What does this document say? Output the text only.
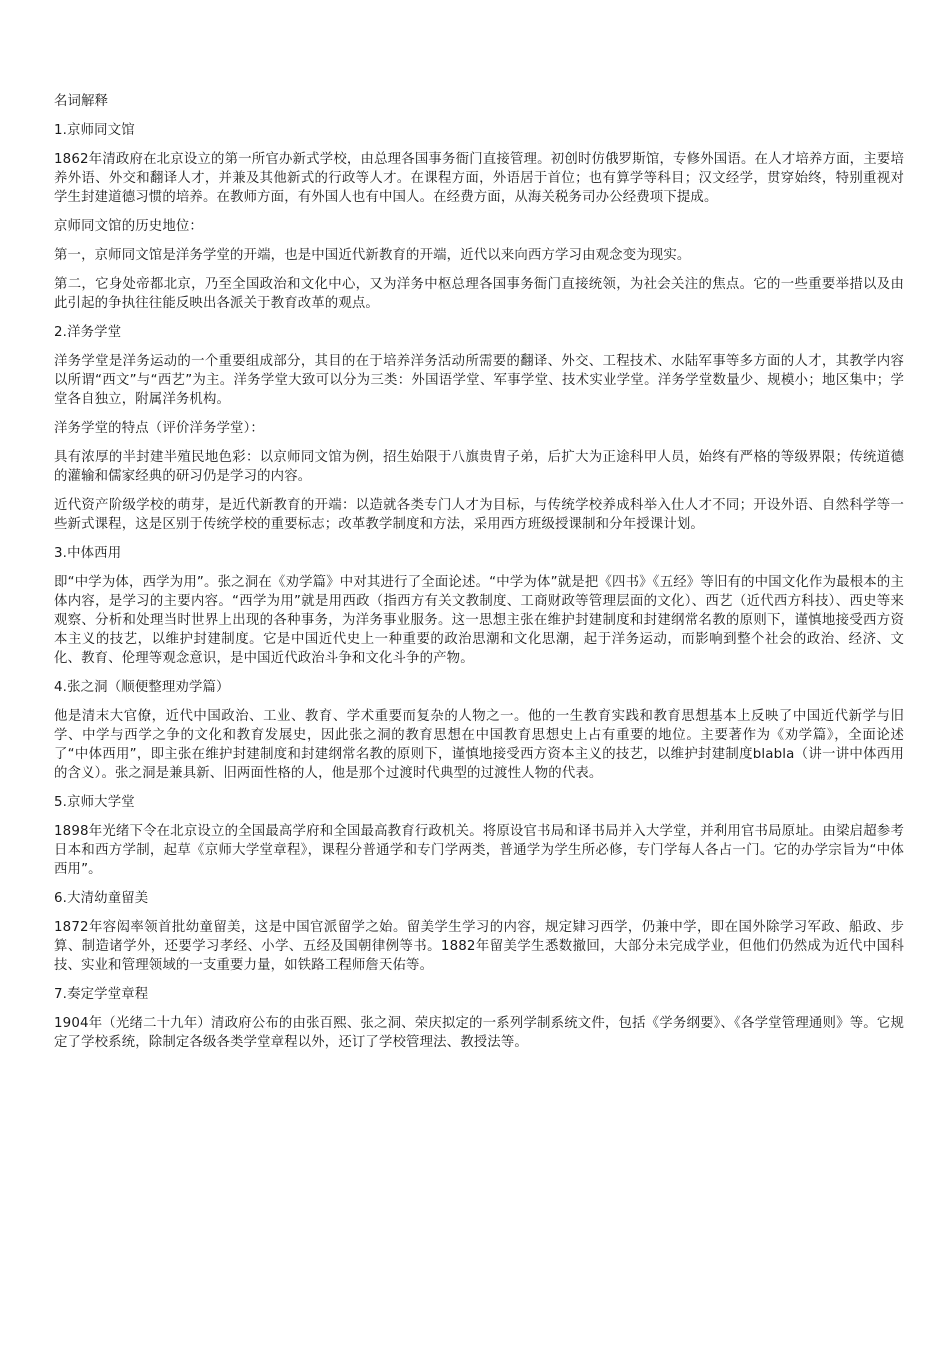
名词解释

1.京师同文馆

1862年清政府在北京设立的第一所官办新式学校，由总理各国事务衙门直接管理。初创时仿俄罗斯馆，专修外国语。在人才培养方面，主要培养外语、外交和翻译人才，并兼及其他新式的行政等人才。在课程方面，外语居于首位；也有算学等科目；汉文经学，贯穿始终，特别重视对学生封建道德习惯的培养。在教师方面，有外国人也有中国人。在经费方面，从海关税务司办公经费项下提成。

京师同文馆的历史地位：

第一，京师同文馆是洋务学堂的开端，也是中国近代新教育的开端，近代以来向西方学习由观念变为现实。

第二，它身处帝都北京，乃至全国政治和文化中心，又为洋务中枢总理各国事务衙门直接统领，为社会关注的焦点。它的一些重要举措以及由此引起的争执往往能反映出各派关于教育改革的观点。

2.洋务学堂

洋务学堂是洋务运动的一个重要组成部分，其目的在于培养洋务活动所需要的翻译、外交、工程技术、水陆军事等多方面的人才，其教学内容以所谓“西文”与“西艺”为主。洋务学堂大致可以分为三类：外国语学堂、军事学堂、技术实业学堂。洋务学堂数量少、规模小；地区集中；学堂各自独立，附属洋务机构。

洋务学堂的特点（评价洋务学堂）：

具有浓厚的半封建半殖民地色彩：以京师同文馆为例，招生始限于八旗贵胄子弟，后扩大为正途科甲人员，始终有严格的等级界限；传统道德的灌输和儒家经典的研习仍是学习的内容。

近代资产阶级学校的萌芽，是近代新教育的开端：以造就各类专门人才为目标，与传统学校养成科举入仕人才不同；开设外语、自然科学等一些新式课程，这是区别于传统学校的重要标志；改革教学制度和方法，采用西方班级授课制和分年授课计划。

3.中体西用

即“中学为体，西学为用”。张之洞在《劝学篇》中对其进行了全面论述。“中学为体”就是把《四书》《五经》等旧有的中国文化作为最根本的主体内容，是学习的主要内容。“西学为用”就是用西政（指西方有关文教制度、工商财政等管理层面的文化）、西艺（近代西方科技）、西史等来观察、分析和处理当时世界上出现的各种事务，为洋务事业服务。这一思想主张在维护封建制度和封建纲常名教的原则下，谨慎地接受西方资本主义的技艺，以维护封建制度。它是中国近代史上一种重要的政治思潮和文化思潮，起于洋务运动，而影响到整个社会的政治、经济、文化、教育、伦理等观念意识，是中国近代政治斗争和文化斗争的产物。

4.张之洞（顺便整理劝学篇）

他是清末大官僚，近代中国政治、工业、教育、学术重要而复杂的人物之一。他的一生教育实践和教育思想基本上反映了中国近代新学与旧学、中学与西学之争的文化和教育发展史，因此张之洞的教育思想在中国教育思想史上占有重要的地位。主要著作为《劝学篇》，全面论述了“中体西用”，即主张在维护封建制度和封建纲常名教的原则下，谨慎地接受西方资本主义的技艺，以维护封建制度blabla（讲一讲中体西用的含义）。张之洞是兼具新、旧两面性格的人，他是那个过渡时代典型的过渡性人物的代表。

5.京师大学堂

1898年光绪下令在北京设立的全国最高学府和全国最高教育行政机关。将原设官书局和译书局并入大学堂，并利用官书局原址。由梁启超参考日本和西方学制，起草《京师大学堂章程》，课程分普通学和专门学两类，普通学为学生所必修，专门学每人各占一门。它的办学宗旨为“中体西用”。

6.大清幼童留美

1872年容闳率领首批幼童留美，这是中国官派留学之始。留美学生学习的内容，规定肄习西学，仍兼中学，即在国外除学习军政、船政、步算、制造诸学外，还要学习孝经、小学、五经及国朝律例等书。1882年留美学生悉数撤回，大部分未完成学业，但他们仍然成为近代中国科技、实业和管理领域的一支重要力量，如铁路工程师詹天佑等。

7.奏定学堂章程

1904年（光绪二十九年）清政府公布的由张百熙、张之洞、荣庆拟定的一系列学制系统文件，包括《学务纲要》、《各学堂管理通则》等。它规定了学校系统，除制定各级各类学堂章程以外，还订了学校管理法、教授法等。
